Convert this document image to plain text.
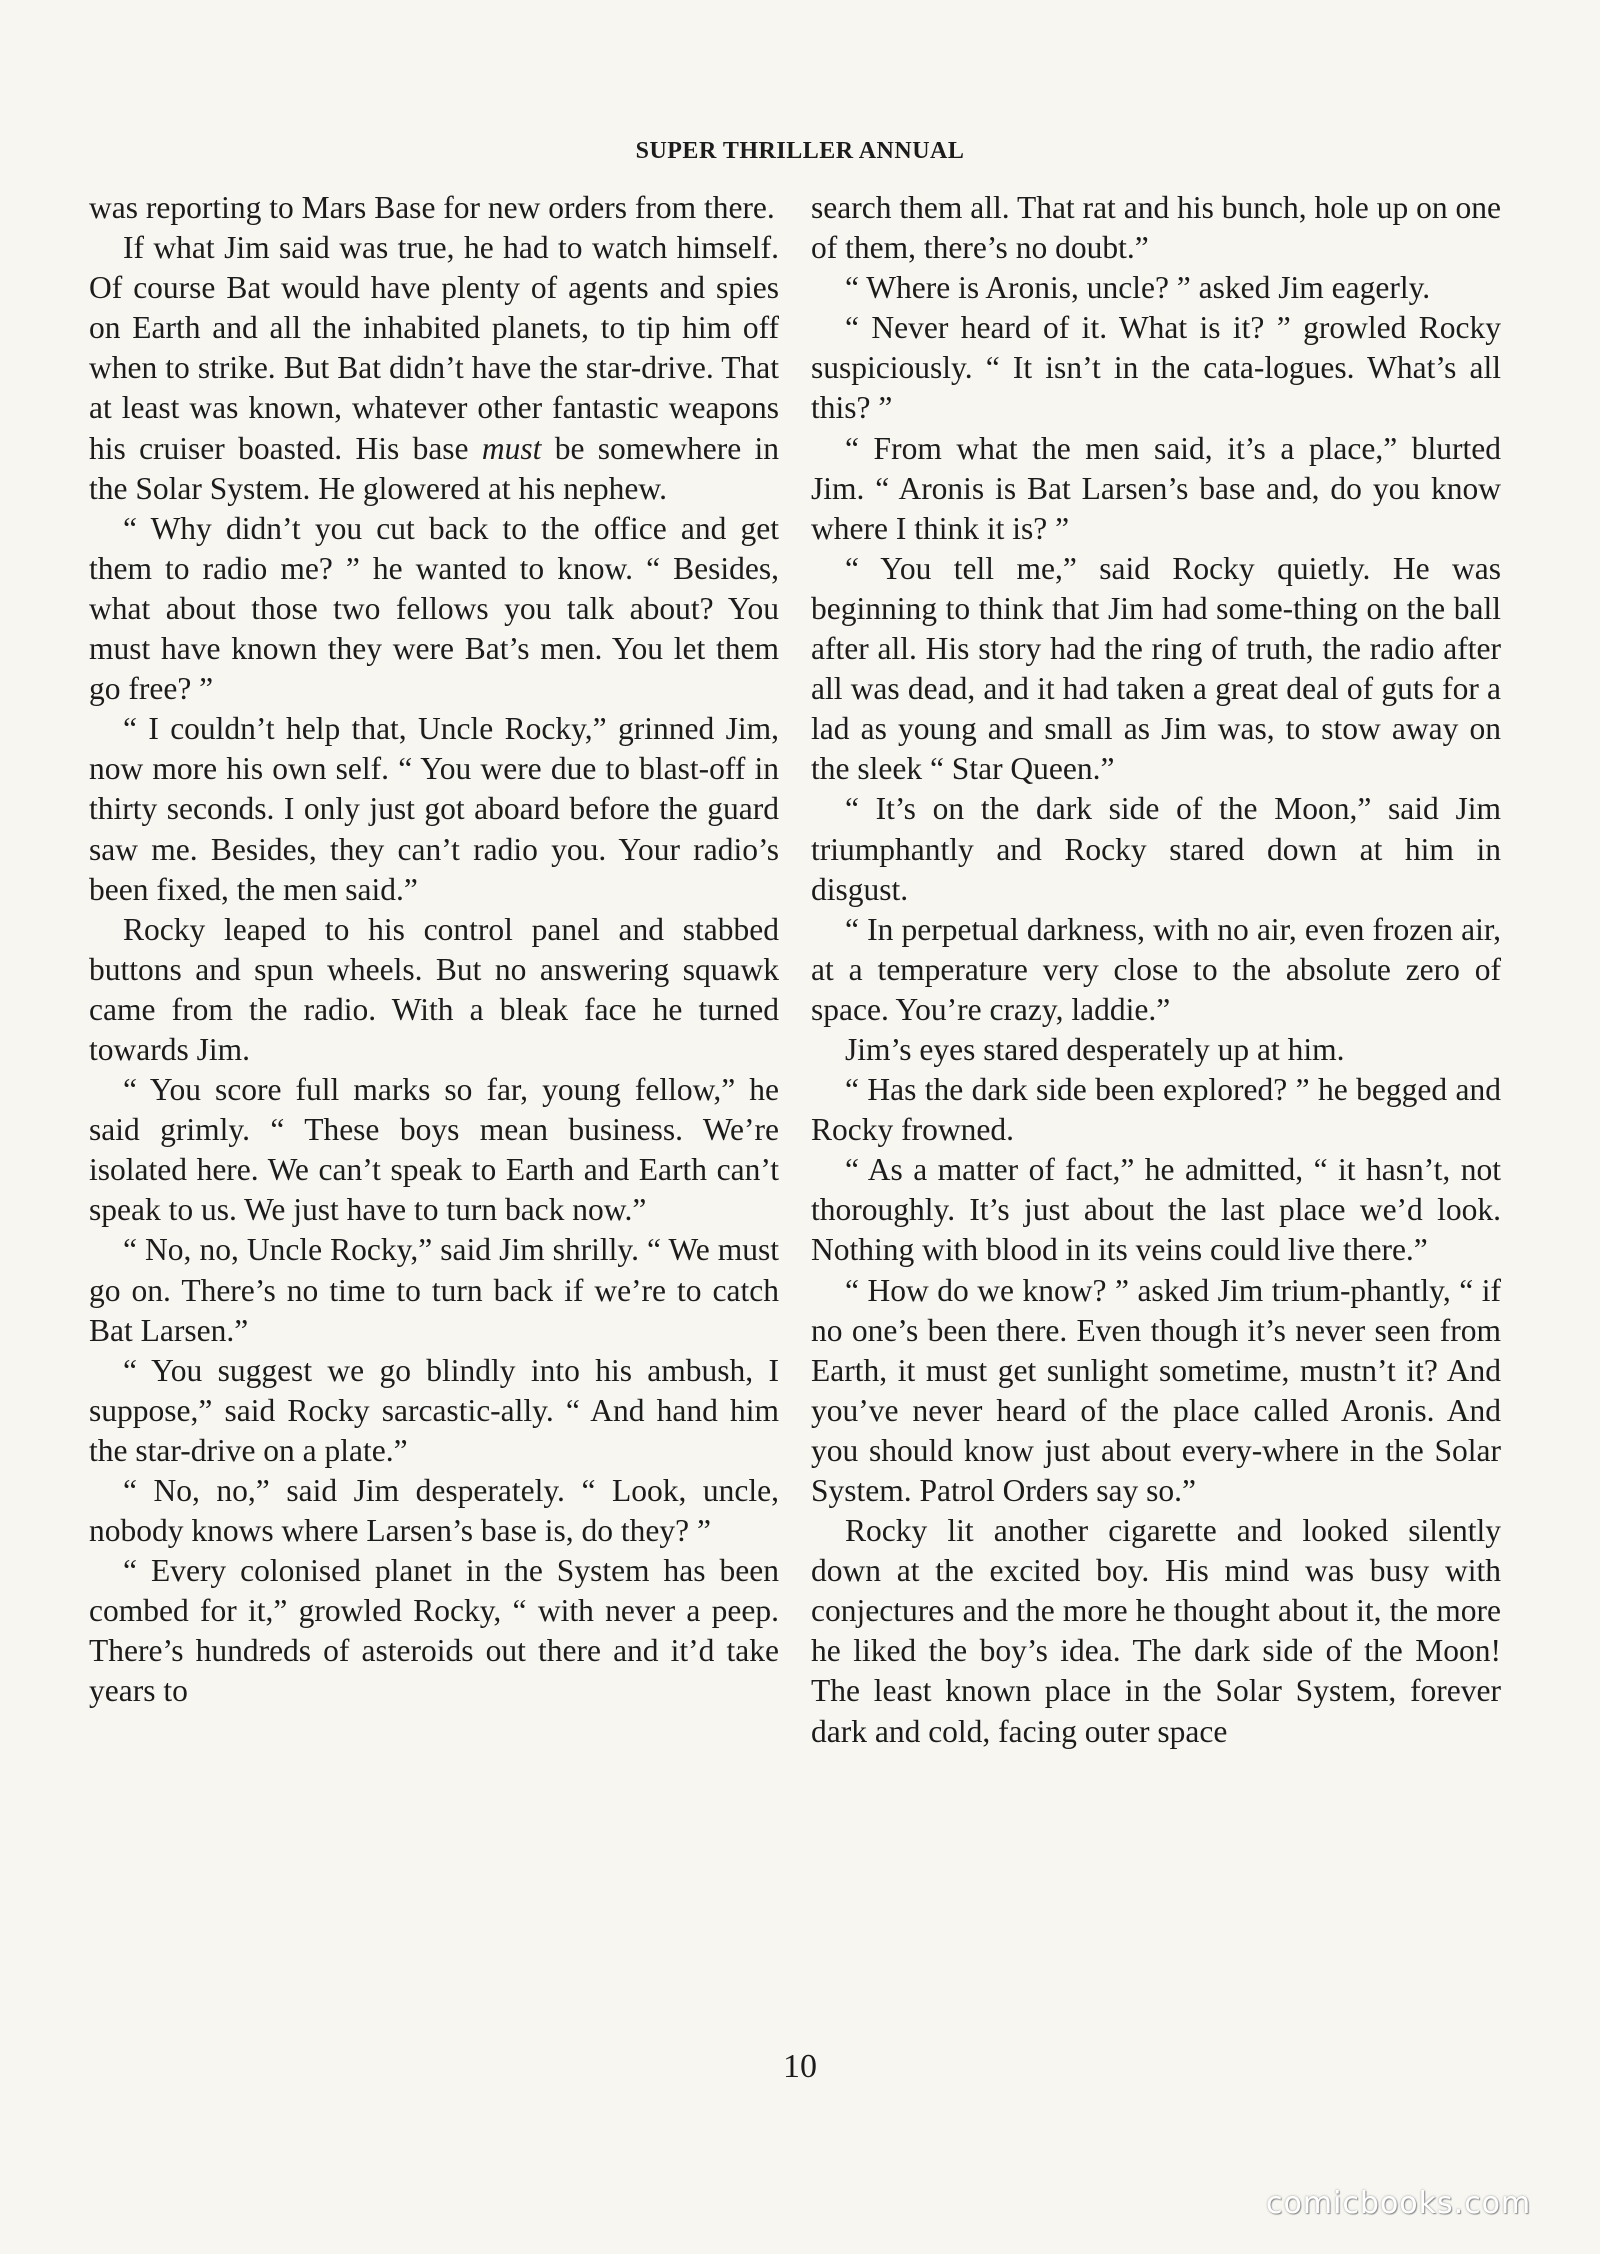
SUPER THRILLER ANNUAL

was reporting to Mars Base for new orders from there.

If what Jim said was true, he had to watch himself. Of course Bat would have plenty of agents and spies on Earth and all the inhabited planets, to tip him off when to strike. But Bat didn’t have the star-drive. That at least was known, whatever other fantastic weapons his cruiser boasted. His base must be somewhere in the Solar System. He glowered at his nephew.

“ Why didn’t you cut back to the office and get them to radio me? ” he wanted to know. “ Besides, what about those two fellows you talk about? You must have known they were Bat’s men. You let them go free? ”

“ I couldn’t help that, Uncle Rocky,” grinned Jim, now more his own self. “ You were due to blast-off in thirty seconds. I only just got aboard before the guard saw me. Besides, they can’t radio you. Your radio’s been fixed, the men said.”

Rocky leaped to his control panel and stabbed buttons and spun wheels. But no answering squawk came from the radio. With a bleak face he turned towards Jim.

“ You score full marks so far, young fellow,” he said grimly. “ These boys mean business. We’re isolated here. We can’t speak to Earth and Earth can’t speak to us. We just have to turn back now.”

“ No, no, Uncle Rocky,” said Jim shrilly. “ We must go on. There’s no time to turn back if we’re to catch Bat Larsen.”

“ You suggest we go blindly into his ambush, I suppose,” said Rocky sarcastic-ally. “ And hand him the star-drive on a plate.”

“ No, no,” said Jim desperately. “ Look, uncle, nobody knows where Larsen’s base is, do they? ”

“ Every colonised planet in the System has been combed for it,” growled Rocky, “ with never a peep. There’s hundreds of asteroids out there and it’d take years to

search them all. That rat and his bunch, hole up on one of them, there’s no doubt.”

“ Where is Aronis, uncle? ” asked Jim eagerly.

“ Never heard of it. What is it? ” growled Rocky suspiciously. “ It isn’t in the cata-logues. What’s all this? ”

“ From what the men said, it’s a place,” blurted Jim. “ Aronis is Bat Larsen’s base and, do you know where I think it is? ”

“ You tell me,” said Rocky quietly. He was beginning to think that Jim had some-thing on the ball after all. His story had the ring of truth, the radio after all was dead, and it had taken a great deal of guts for a lad as young and small as Jim was, to stow away on the sleek “ Star Queen.”

“ It’s on the dark side of the Moon,” said Jim triumphantly and Rocky stared down at him in disgust.

“ In perpetual darkness, with no air, even frozen air, at a temperature very close to the absolute zero of space. You’re crazy, laddie.”

Jim’s eyes stared desperately up at him.

“ Has the dark side been explored? ” he begged and Rocky frowned.

“ As a matter of fact,” he admitted, “ it hasn’t, not thoroughly. It’s just about the last place we’d look. Nothing with blood in its veins could live there.”

“ How do we know? ” asked Jim trium-phantly, “ if no one’s been there. Even though it’s never seen from Earth, it must get sunlight sometime, mustn’t it? And you’ve never heard of the place called Aronis. And you should know just about every-where in the Solar System. Patrol Orders say so.”

Rocky lit another cigarette and looked silently down at the excited boy. His mind was busy with conjectures and the more he thought about it, the more he liked the boy’s idea. The dark side of the Moon! The least known place in the Solar System, forever dark and cold, facing outer space

10
comicbooks.com
